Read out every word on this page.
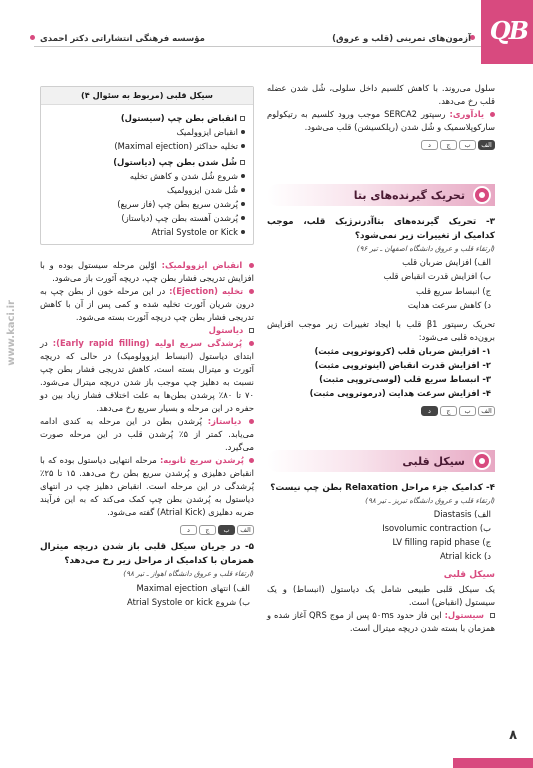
QB
آزمون‌های تمرینی (قلب و عروق)
مؤسسه فرهنگی انتشاراتی دکتر احمدی

سلول می‌روند. با کاهش کلسیم داخل سلولی، شُل شدن عضله قلب رخ می‌دهد.

یادآوری: رسپتور SERCA2 موجب ورود کلسیم به رتیکولوم سارکوپلاسمیک و شُل شدن (ریلکسیشن) قلب می‌شود.

الف
ب
ج
د
تحریک گیرنده‌های بتا

۳- تحریک گیرنده‌های بتاآدرنرژیک قلب، موجب کدامیک از تغییرات زیر نمی‌شود؟

(ارتقاء قلب و عروق دانشگاه اصفهان ـ تیر ۹۶)

الف) افزایش ضربان قلب
ب) افزایش قدرت انقباض قلب
ج) انبساط سریع قلب
د) کاهش سرعت هدایت

تحریک رسپتور β1 قلب با ایجاد تغییرات زیر موجب افزایش برون‌ده قلبی می‌شود:

۱- افزایش ضربان قلب (کرونوتروپی مثبت)
۲- افزایش قدرت انقباض (اینوتروپی مثبت)
۳- انبساط سریع قلب (لوسی‌تروپی مثبت)
۴- افزایش سرعت هدایت (درموتروپی مثبت)
الف
ب
ج
د
سیکل قلبی

۴- کدامیک جزء مراحل Relaxation بطن چپ نیست؟

(ارتقاء قلب و عروق دانشگاه تبریز ـ تیر ۹۸)

الف) Diastasis
ب) Isovolumic contraction
ج) LV filling rapid phase
د) Atrial kick

سیکل قلبی

یک سیکل قلبی طبیعی شامل یک دیاستول (انبساط) و یک سیستول (انقباض) است.

سیستول: این فاز حدود ۵۰ms پس از موج QRS آغاز شده و همزمان با بسته شدن دریچه میترال است.

سیکل قلبی (مربوط به سئوال ۴)

انقباض بطن چپ (سیستول)

انقباض ایزوولمیک
تخلیه حداکثر (Maximal ejection)

شُل شدن بطن چپ (دیاستول)

شروع شُل شدن و کاهش تخلیه
شُل شدن ایزوولمیک
پُرشدن سریع بطن چپ (فاز سریع)
پُرشدن آهسته بطن چپ (دیاستاز)
Atrial Systole or Kick

انقباض ایزوولمیک: اوّلین مرحله سیستول بوده و با افزایش تدریجی فشار بطن چپ، دریچه آئورت باز می‌شود.

تخلیه (Ejection): در این مرحله خون از بطن چپ به درون شریان آئورت تخلیه شده و کمی پس از آن با کاهش تدریجی فشار بطن چپ دریچه آئورت بسته می‌شود.

دیاستول

پُرشدگی سریع اولیه (Early rapid filling): در ابتدای دیاستول (انبساط ایزوولومیک) در حالی که دریچه آئورت و میترال بسته است، کاهش تدریجی فشار بطن چپ نسبت به دهلیز چپ موجب باز شدن دریچه میترال می‌شود. ۷۰ تا ۸۰٪ پرشدن بطن‌ها به علت اختلاف فشار زیاد بین دو حفره در این مرحله و بسیار سریع رخ می‌دهد.

دیاستاز: پُرشدن بطن در این مرحله به کندی ادامه می‌یابد. کمتر از ۵٪ پُرشدن قلب در این مرحله صورت می‌گیرد.

پُرشدن سریع ثانویه: مرحله انتهایی دیاستول بوده که با انقباض دهلیزی و پُرشدن سریع بطن رخ می‌دهد. ۱۵ تا ۲۵٪ پُرشدگی در این مرحله است. انقباض دهلیز چپ در انتهای دیاستول به پُرشدن بطن چپ کمک می‌کند که به این فرآیند ضربه دهلیزی (Atrial Kick) گفته می‌شود.

الف
ب
ج
د

۵- در جریان سیکل قلبی باز شدن دریچه میترال همزمان با کدامیک از مراحل زیر رخ می‌دهد؟

(ارتقاء قلب و عروق دانشگاه اهواز ـ تیر ۹۸)

الف) انتهای Maximal ejection
ب) شروع Atrial Systole or kick
www.kaci.ir
۸
